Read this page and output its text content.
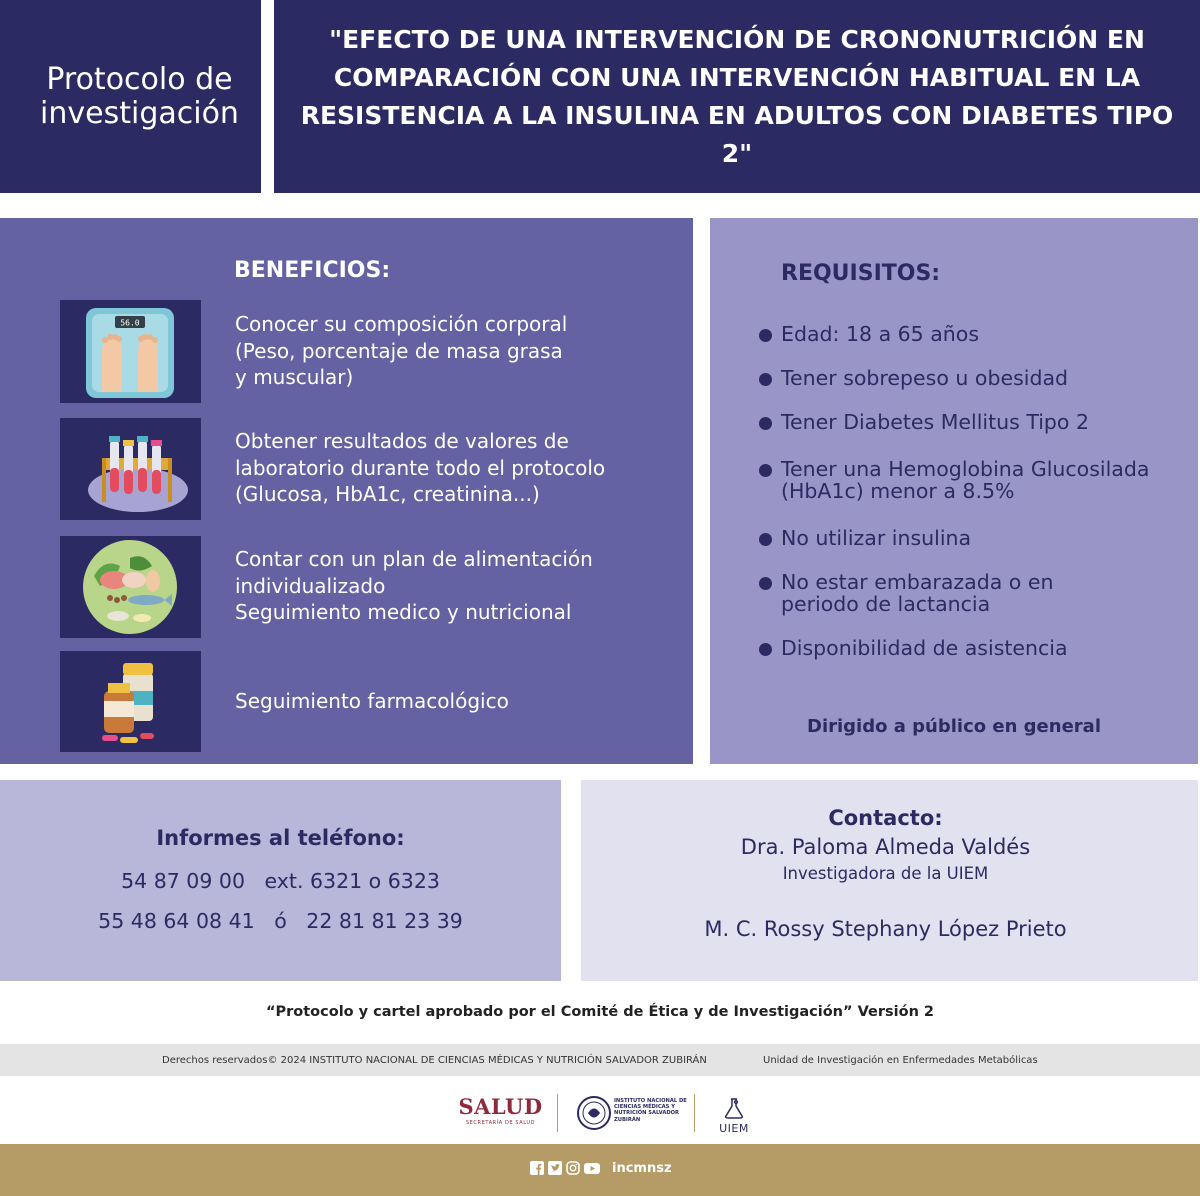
Protocolo de investigación
"EFECTO DE UNA INTERVENCIÓN DE CRONONUTRICIÓN EN COMPARACIÓN CON UNA INTERVENCIÓN HABITUAL EN LA RESISTENCIA A LA INSULINA EN ADULTOS CON DIABETES TIPO 2"
BENEFICIOS:
56.0	Conocer su composición corporal
(Peso, porcentaje de masa grasa
y muscular)
Obtener resultados de valores de
laboratorio durante todo el protocolo
(Glucosa, HbA1c, creatinina...)
Contar con un plan de alimentación
individualizado
Seguimiento medico y nutricional
Seguimiento farmacológico
REQUISITOS:
Edad: 18 a 65 años
Tener sobrepeso u obesidad
Tener Diabetes Mellitus Tipo 2
Tener una Hemoglobina Glucosilada (HbA1c) menor a 8.5%
No utilizar insulina
No estar embarazada o en periodo de lactancia
Disponibilidad de asistencia
Dirigido a público en general
Informes al teléfono:
54 87 09 00   ext. 6321 o 6323
55 48 64 08 41   ó   22 81 81 23 39
Contacto:
Dra. Paloma Almeda Valdés
Investigadora de la UIEM
M. C. Rossy Stephany López Prieto
“Protocolo y cartel aprobado por el Comité de Ética y de Investigación” Versión 2
Derechos reservados© 2024 INSTITUTO NACIONAL DE CIENCIAS MÉDICAS Y NUTRICIÓN SALVADOR ZUBIRÁN	Unidad de Investigación en Enfermedades Metabólicas
SALUD
SECRETARÍA DE SALUD
INSTITUTO NACIONAL DE CIENCIAS MÉDICAS Y NUTRICIÓN SALVADOR ZUBIRÁN
UIEM
incmnsz
